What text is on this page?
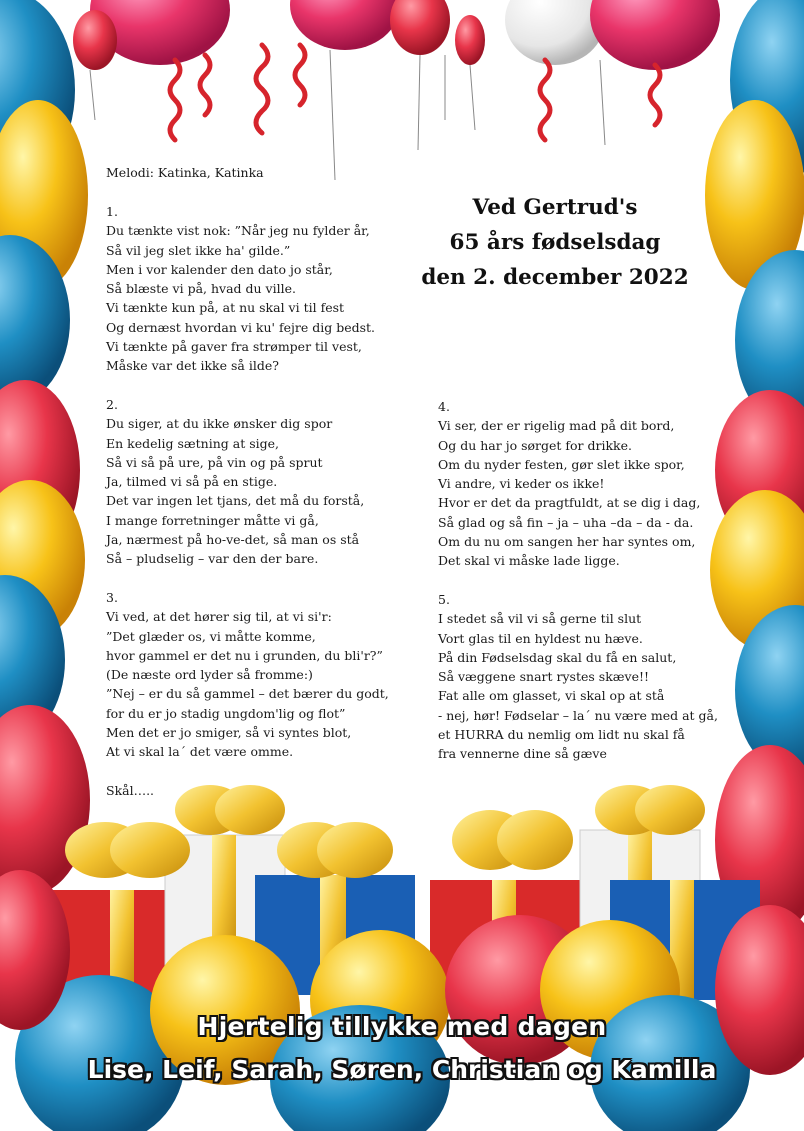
Melodi: Katinka, Katinka
1.
Du tænkte vist nok: ”Når jeg nu fylder år,
Så vil jeg slet ikke ha' gilde.”
Men i vor kalender den dato jo står,
Så blæste vi på, hvad du ville.
Vi tænkte kun på, at nu skal vi til fest
Og dernæst hvordan vi ku' fejre dig bedst.
Vi tænkte på gaver fra strømper til vest,
Måske var det ikke så ilde?
2.
Du siger, at du ikke ønsker dig spor
En kedelig sætning at sige,
Så vi så på ure, på vin og på sprut
Ja, tilmed vi så på en stige.
Det var ingen let tjans, det må du forstå,
I mange forretninger måtte vi gå,
Ja, nærmest på ho-ve-det, så man os stå
Så – pludselig – var den der bare.
3.
Vi ved, at det hører sig til, at vi si'r:
”Det glæder os, vi måtte komme,
hvor gammel er det nu i grunden, du bli'r?”
(De næste ord lyder så fromme:)
”Nej – er du så gammel – det bærer du godt,
for du er jo stadig ungdom'lig og flot”
Men det er jo smiger, så vi syntes blot,
At vi skal la´ det være omme.
Skål…..
Ved Gertrud's
65 års fødselsdag
den 2. december 2022
4.
Vi ser, der er rigelig mad på dit bord,
Og du har jo sørget for drikke.
Om du nyder festen, gør slet ikke spor,
Vi andre, vi keder os ikke!
Hvor er det da pragtfuldt, at se dig i dag,
Så glad og så fin – ja – uha –da – da - da.
Om du nu om sangen her har syntes om,
Det skal vi måske lade ligge.
5.
I stedet så vil vi så gerne til slut
Vort glas til en hyldest nu hæve.
På din Fødselsdag skal du få en salut,
Så væggene snart rystes skæve!!
Fat alle om glasset, vi skal op at stå
- nej, hør! Fødselar – la´ nu være med at gå,
et HURRA du nemlig om lidt nu skal få
fra vennerne dine så gæve
Hjertelig tillykke med dagen
Lise, Leif, Sarah, Søren, Christian og Kamilla
